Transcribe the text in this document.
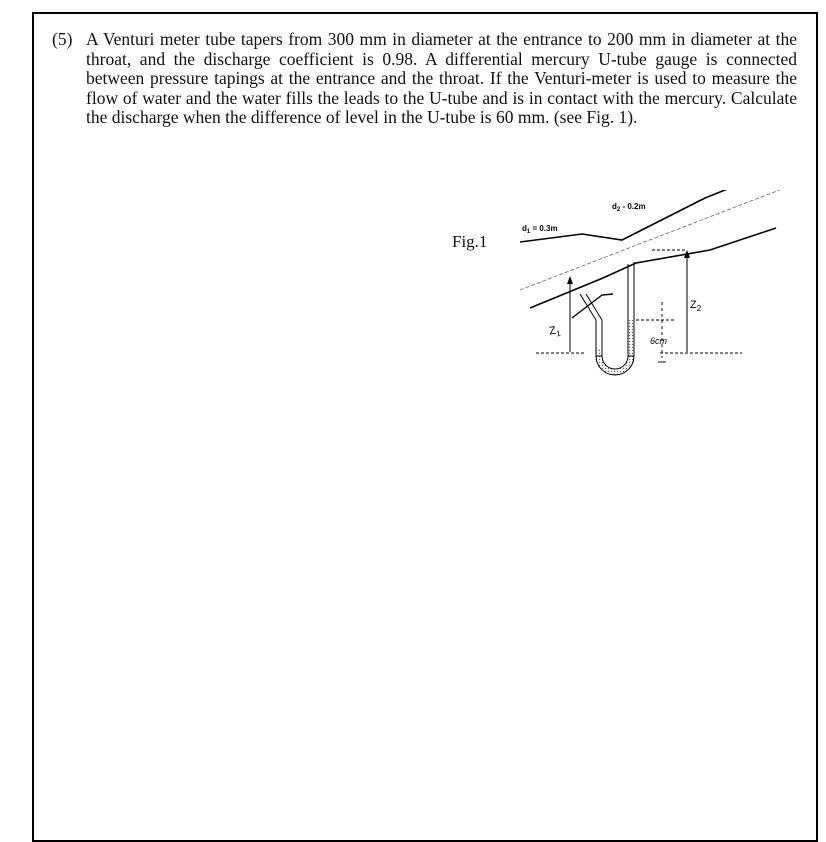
(5) A Venturi meter tube tapers from 300 mm in diameter at the entrance to 200 mm in diameter at the throat, and the discharge coefficient is 0.98. A differential mercury U-tube gauge is connected between pressure tapings at the entrance and the throat. If the Venturi-meter is used to measure the flow of water and the water fills the leads to the U-tube and is in contact with the mercury. Calculate the discharge when the difference of level in the U-tube is 60 mm. (see Fig. 1).
Fig.1
$d_1 = 0.3m$
$d_2 - 0.2m$
$Z_1$
$Z_2$
6cm
